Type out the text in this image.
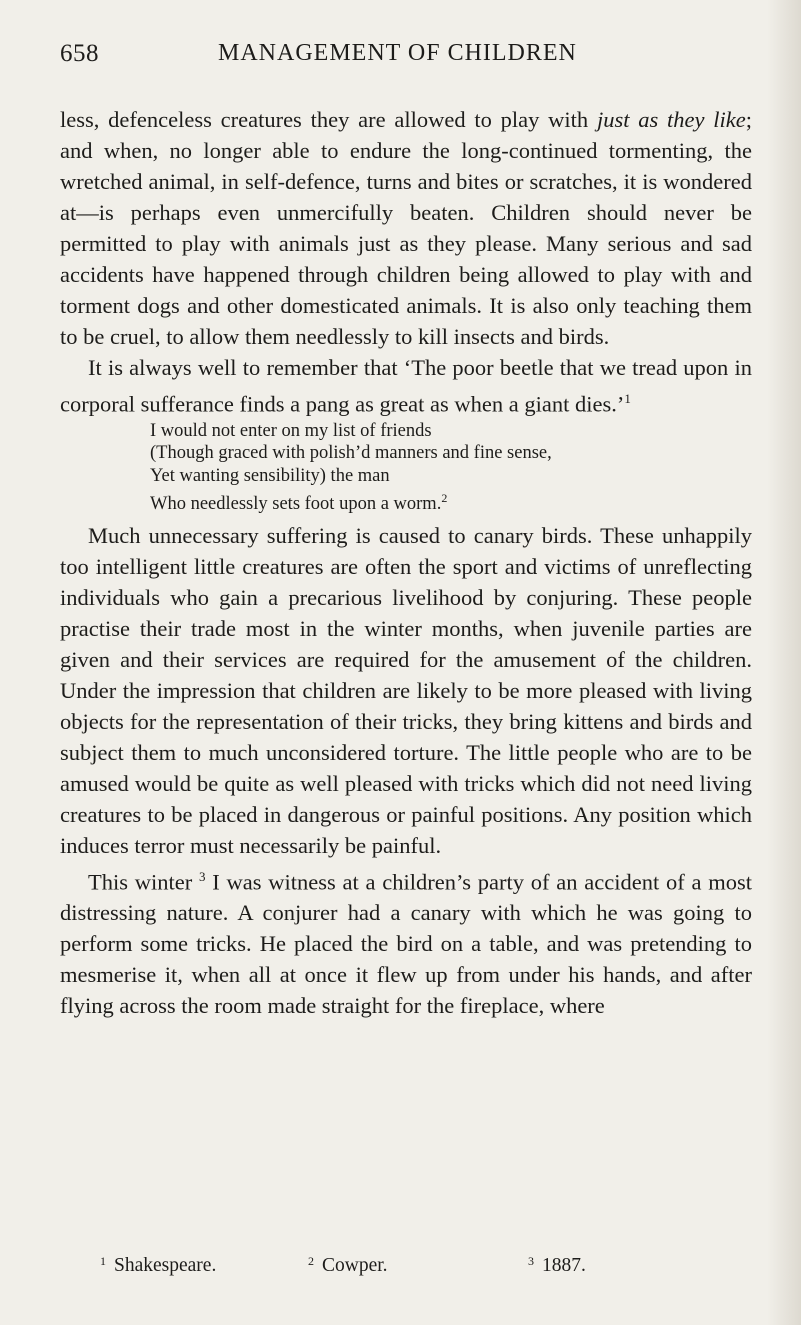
658	MANAGEMENT OF CHILDREN

less, defenceless creatures they are allowed to play with just as they like; and when, no longer able to endure the long-continued tormenting, the wretched animal, in self-defence, turns and bites or scratches, it is wondered at—is perhaps even unmercifully beaten. Children should never be permitted to play with animals just as they please. Many serious and sad accidents have happened through children being allowed to play with and torment dogs and other domesticated animals. It is also only teaching them to be cruel, to allow them needlessly to kill insects and birds.

It is always well to remember that ‘The poor beetle that we tread upon in corporal sufferance finds a pang as great as when a giant dies.’$^1$

I would not enter on my list of friends
(Though graced with polish’d manners and fine sense,
Yet wanting sensibility) the man
Who needlessly sets foot upon a worm.$^2$

Much unnecessary suffering is caused to canary birds. These unhappily too intelligent little creatures are often the sport and victims of unreflecting individuals who gain a precarious livelihood by conjuring. These people practise their trade most in the winter months, when juvenile parties are given and their services are required for the amusement of the children. Under the impression that children are likely to be more pleased with living objects for the representation of their tricks, they bring kittens and birds and subject them to much unconsidered torture. The little people who are to be amused would be quite as well pleased with tricks which did not need living creatures to be placed in dangerous or painful positions. Any position which induces terror must necessarily be painful.

This winter $^3$ I was witness at a children’s party of an accident of a most distressing nature. A conjurer had a canary with which he was going to perform some tricks. He placed the bird on a table, and was pretending to mesmerise it, when all at once it flew up from under his hands, and after flying across the room made straight for the fireplace, where

$^1$ Shakespeare.	$^2$ Cowper.	$^3$ 1887.
